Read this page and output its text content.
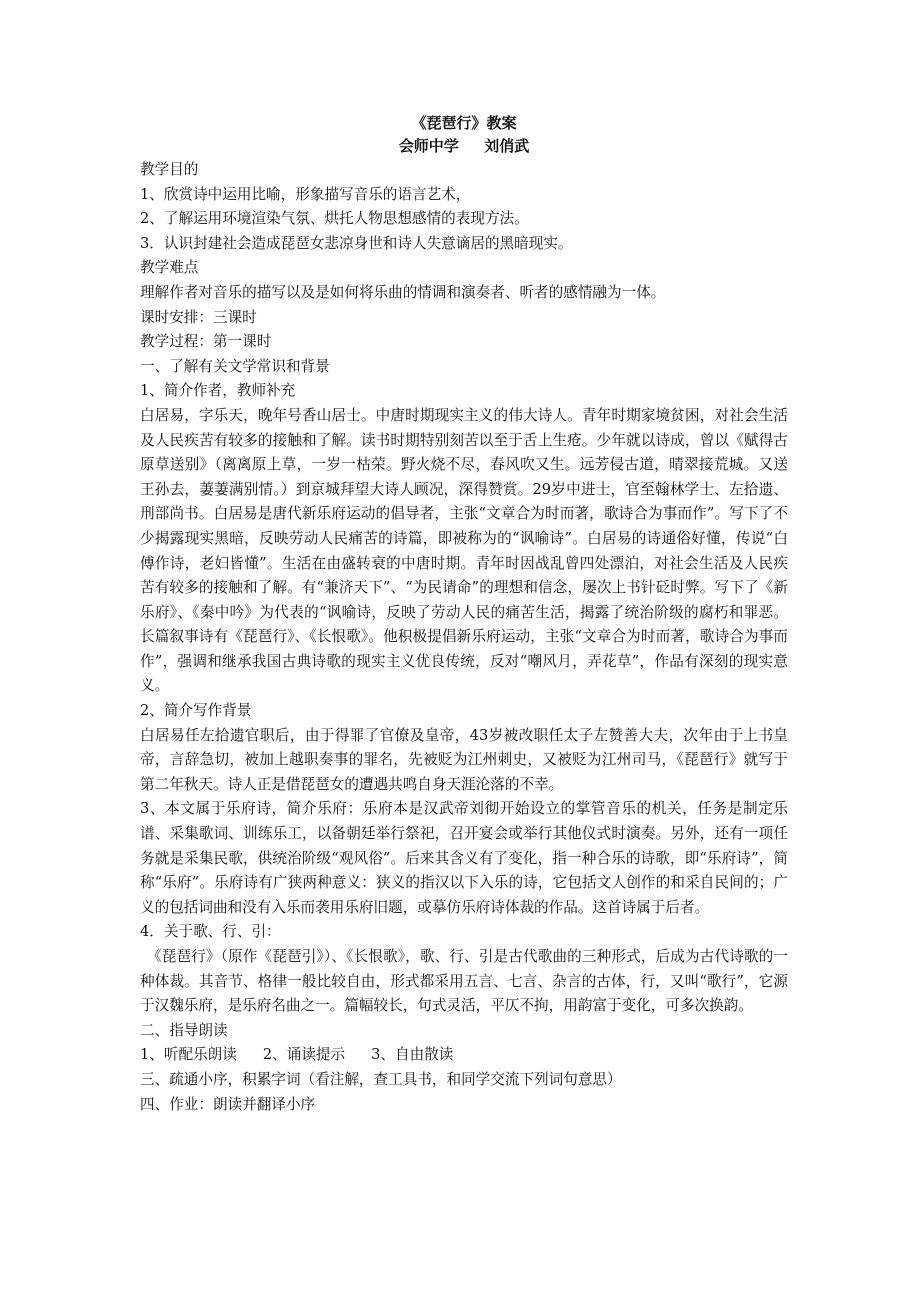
《琵琶行》教案
会师中学　  刘俏武
教学目的
1、欣赏诗中运用比喻，形象描写音乐的语言艺术，
2、了解运用环境渲染气氛、烘托人物思想感情的表现方法。
3．认识封建社会造成琵琶女悲凉身世和诗人失意谪居的黑暗现实。
教学难点
理解作者对音乐的描写以及是如何将乐曲的情调和演奏者、听者的感情融为一体。
课时安排：三课时
教学过程：第一课时
一、了解有关文学常识和背景
1、简介作者，教师补充
白居易，字乐天，晚年号香山居士。中唐时期现实主义的伟大诗人。青年时期家境贫困，对社会生活及人民疾苦有较多的接触和了解。读书时期特别刻苦以至于舌上生疮。少年就以诗成，曾以《赋得古原草送别》（离离原上草，一岁一枯荣。野火烧不尽，春风吹又生。远芳侵古道，晴翠接荒城。又送王孙去，萋萋满别情。）到京城拜望大诗人顾况，深得赞赏。29岁中进士，官至翰林学士、左拾遗、刑部尚书。白居易是唐代新乐府运动的倡导者，主张“文章合为时而著，歌诗合为事而作”。写下了不少揭露现实黑暗，反映劳动人民痛苦的诗篇，即被称为的“讽喻诗”。白居易的诗通俗好懂，传说“白傅作诗，老妇皆懂”。生活在由盛转衰的中唐时期。青年时因战乱曾四处漂泊，对社会生活及人民疾苦有较多的接触和了解。有“兼济天下”、“为民请命”的理想和信念，屡次上书针砭时弊。写下了《新乐府》、《秦中吟》为代表的“讽喻诗，反映了劳动人民的痛苦生活，揭露了统治阶级的腐朽和罪恶。长篇叙事诗有《琵琶行》、《长恨歌》。他积极提倡新乐府运动，主张“文章合为时而著，歌诗合为事而作”，强调和继承我国古典诗歌的现实主义优良传统，反对“嘲风月，弄花草”，作品有深刻的现实意义。
2、简介写作背景
白居易任左拾遗官职后，由于得罪了官僚及皇帝，43岁被改职任太子左赞善大夫，次年由于上书皇帝，言辞急切，被加上越职奏事的罪名，先被贬为江州刺史，又被贬为江州司马，《琵琶行》就写于第二年秋天。诗人正是借琵琶女的遭遇共鸣自身天涯沦落的不幸。
3、本文属于乐府诗，简介乐府：乐府本是汉武帝刘彻开始设立的掌管音乐的机关，任务是制定乐谱、采集歌词、训练乐工，以备朝廷举行祭祀，召开宴会或举行其他仪式时演奏。另外，还有一项任务就是采集民歌，供统治阶级“观风俗”。后来其含义有了变化，指一种合乐的诗歌，即“乐府诗”，简称“乐府”。乐府诗有广狭两种意义：狭义的指汉以下入乐的诗，它包括文人创作的和采自民间的；广义的包括词曲和没有入乐而袭用乐府旧题，或摹仿乐府诗体裁的作品。这首诗属于后者。
4．关于歌、行、引：
《琵琶行》（原作《琵琶引》）、《长恨歌》，歌、行、引是古代歌曲的三种形式，后成为古代诗歌的一种体裁。其音节、格律一般比较自由，形式都采用五言、七言、杂言的古体，行，又叫“歌行”，它源于汉魏乐府，是乐府名曲之一。篇幅较长，句式灵活，平仄不拘，用韵富于变化，可多次换韵。
二、指导朗读
1、听配乐朗读 2、诵读提示 3、自由散读
三、疏通小序，积累字词（看注解，查工具书，和同学交流下列词句意思）
四、作业：朗读并翻译小序
